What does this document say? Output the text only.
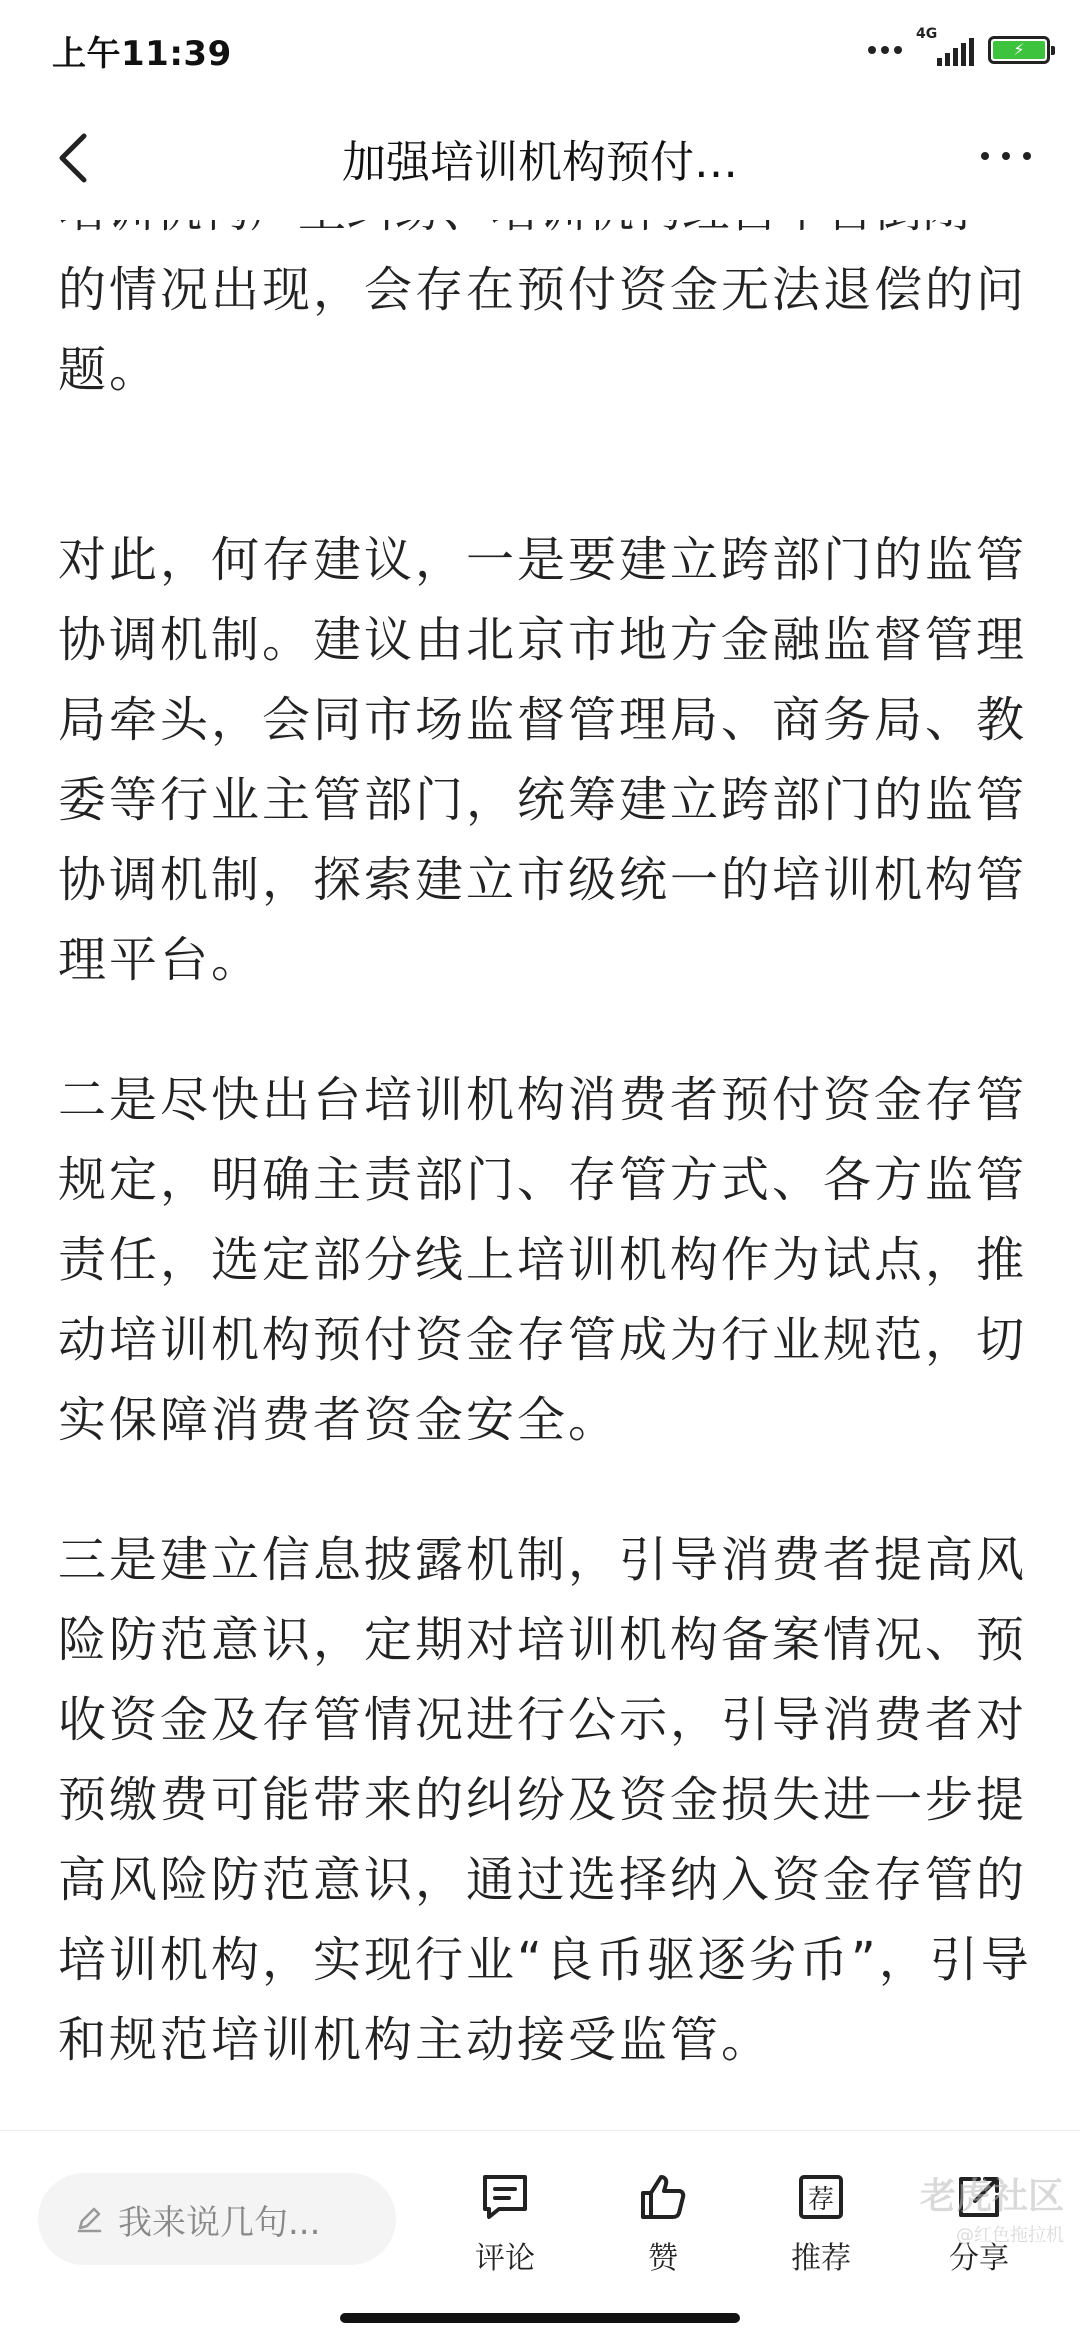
上午11:39	4G
⚡
加强培训机构预付…
的情况出现，会存在预付资金无法退偿的问
题。
对此，何存建议，一是要建立跨部门的监管
协调机制。建议由北京市地方金融监督管理
局牵头，会同市场监督管理局、商务局、教
委等行业主管部门，统筹建立跨部门的监管
协调机制，探索建立市级统一的培训机构管
理平台。
二是尽快出台培训机构消费者预付资金存管
规定，明确主责部门、存管方式、各方监管
责任，选定部分线上培训机构作为试点，推
动培训机构预付资金存管成为行业规范，切
实保障消费者资金安全。
三是建立信息披露机制，引导消费者提高风
险防范意识，定期对培训机构备案情况、预
收资金及存管情况进行公示，引导消费者对
预缴费可能带来的纠纷及资金损失进一步提
高风险防范意识，通过选择纳入资金存管的
培训机构，实现行业“良币驱逐劣币”，引导
和规范培训机构主动接受监管。
我来说几句...
评论	赞
荐
推荐	分享
老虎社区
@红色拖拉机
